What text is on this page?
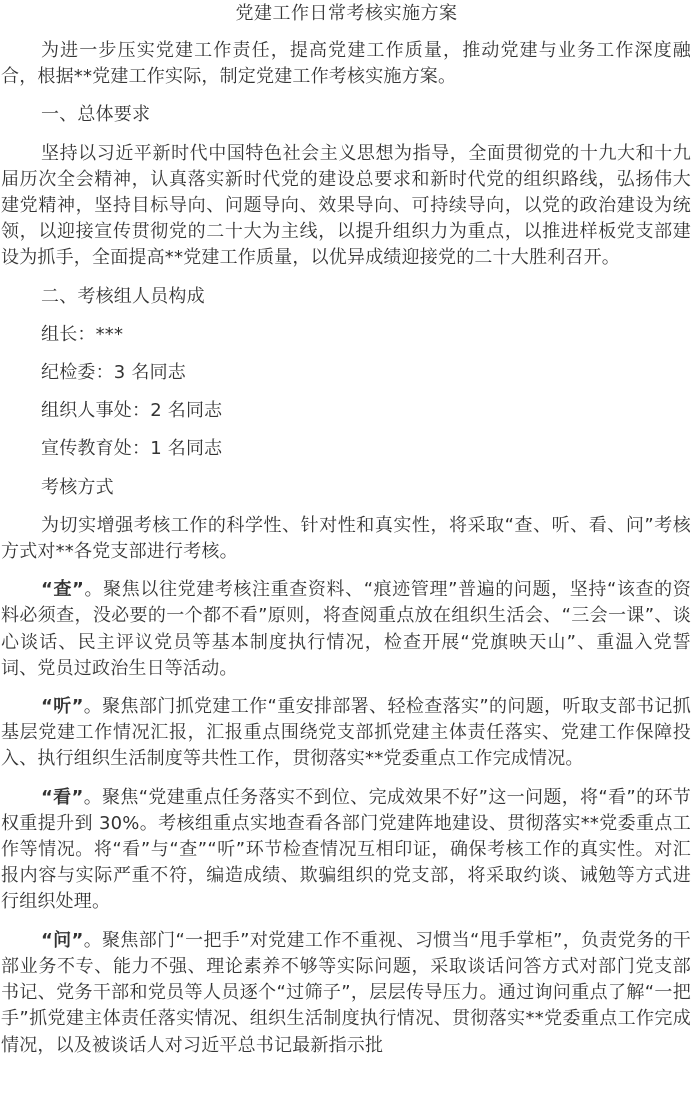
党建工作日常考核实施方案

为进一步压实党建工作责任，提高党建工作质量，推动党建与业务工作深度融合，根据**党建工作实际，制定党建工作考核实施方案。

一、总体要求

坚持以习近平新时代中国特色社会主义思想为指导，全面贯彻党的十九大和十九届历次全会精神，认真落实新时代党的建设总要求和新时代党的组织路线，弘扬伟大建党精神，坚持目标导向、问题导向、效果导向、可持续导向，以党的政治建设为统领，以迎接宣传贯彻党的二十大为主线，以提升组织力为重点，以推进样板党支部建设为抓手，全面提高**党建工作质量，以优异成绩迎接党的二十大胜利召开。

二、考核组人员构成

组长：***

纪检委：3 名同志

组织人事处：2 名同志

宣传教育处：1 名同志

考核方式

为切实增强考核工作的科学性、针对性和真实性，将采取“查、听、看、问”考核方式对**各党支部进行考核。

“查”。聚焦以往党建考核注重查资料、“痕迹管理”普遍的问题，坚持“该查的资料必须查，没必要的一个都不看”原则，将查阅重点放在组织生活会、“三会一课”、谈心谈话、民主评议党员等基本制度执行情况，检查开展“党旗映天山”、重温入党誓词、党员过政治生日等活动。

“听”。聚焦部门抓党建工作“重安排部署、轻检查落实”的问题，听取支部书记抓基层党建工作情况汇报，汇报重点围绕党支部抓党建主体责任落实、党建工作保障投入、执行组织生活制度等共性工作，贯彻落实**党委重点工作完成情况。

“看”。聚焦“党建重点任务落实不到位、完成效果不好”这一问题，将“看”的环节权重提升到 30%。考核组重点实地查看各部门党建阵地建设、贯彻落实**党委重点工作等情况。将“看”与“查”“听”环节检查情况互相印证，确保考核工作的真实性。对汇报内容与实际严重不符，编造成绩、欺骗组织的党支部，将采取约谈、诫勉等方式进行组织处理。

“问”。聚焦部门“一把手”对党建工作不重视、习惯当“甩手掌柜”，负责党务的干部业务不专、能力不强、理论素养不够等实际问题，采取谈话问答方式对部门党支部书记、党务干部和党员等人员逐个“过筛子”，层层传导压力。通过询问重点了解“一把手”抓党建主体责任落实情况、组织生活制度执行情况、贯彻落实**党委重点工作完成情况，以及被谈话人对习近平总书记最新指示批
